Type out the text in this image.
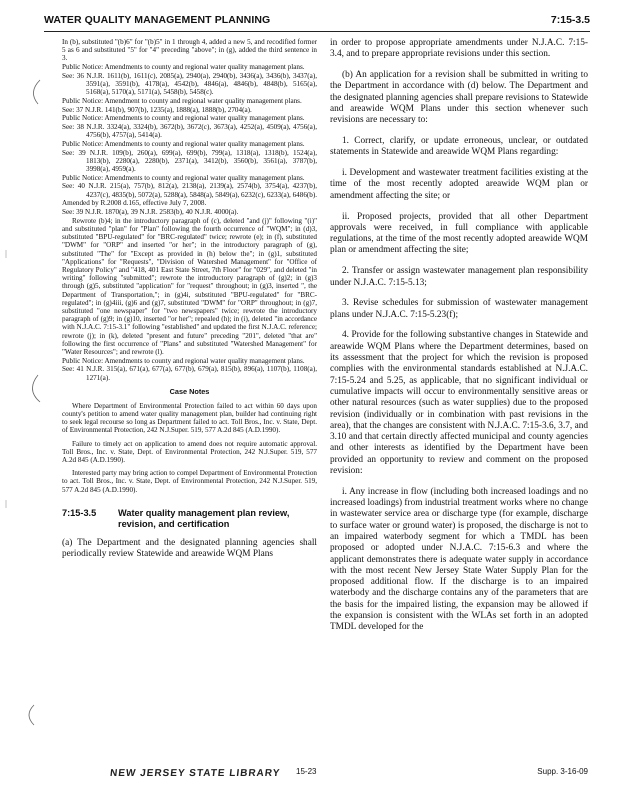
WATER QUALITY MANAGEMENT PLANNING	7:15-3.5

In (b), substituted "(b)6" for "(b)5" in 1 through 4, added a new 5, and recodified former 5 as 6 and substituted "5" for "4" preceding "above"; in (g), added the third sentence in 3.

Public Notice: Amendments to county and regional water quality management plans.

See: 36 N.J.R. 1611(b), 1611(c), 2085(a), 2940(a), 2940(b), 3436(a), 3436(b), 3437(a), 3591(a), 3591(b), 4178(a), 4542(b), 4846(a), 4846(b), 4848(b), 5165(a), 5168(a), 5170(a), 5171(a), 5458(b), 5458(c).

Public Notice: Amendment to county and regional water quality management plans.

See: 37 N.J.R. 141(b), 907(b), 1235(a), 1888(a), 1888(b), 2704(a).

Public Notice: Amendments to county and regional water quality management plans.

See: 38 N.J.R. 3324(a), 3324(b), 3672(b), 3672(c), 3673(a), 4252(a), 4509(a), 4756(a), 4756(b), 4757(a), 5414(a).

Public Notice: Amendments to county and regional water quality management plans.

See: 39 N.J.R. 109(b), 260(a), 699(a), 699(b), 799(a), 1318(a), 1318(b), 1524(a), 1813(b), 2280(a), 2280(b), 2371(a), 3412(b), 3560(b), 3561(a), 3787(b), 3998(a), 4959(a).

Public Notice: Amendments to county and regional water quality management plans.

See: 40 N.J.R. 215(a), 757(b), 812(a), 2138(a), 2139(a), 2574(b), 3754(a), 4237(b), 4237(c), 4835(b), 5072(a), 5288(a), 5848(a), 5849(a), 6232(c), 6233(a), 6486(b).

Amended by R.2008 d.165, effective July 7, 2008.

See: 39 N.J.R. 1870(a), 39 N.J.R. 2583(b), 40 N.J.R. 4000(a).

Rewrote (b)4; in the introductory paragraph of (c), deleted "and (j)" following "(i)" and substituted "plan" for "Plan" following the fourth occurrence of "WQM"; in (d)3, substituted "BPU-regulated" for "BRC-regulated" twice; rewrote (e); in (f), substituted "DWM" for "ORP" and inserted "or her"; in the introductory paragraph of (g), substituted "The" for "Except as provided in (h) below the"; in (g)1, substituted "Applications" for "Requests", "Division of Watershed Management" for "Office of Regulatory Policy" and "418, 401 East State Street, 7th Floor" for "029", and deleted "in writing" following "submitted"; rewrote the introductory paragraph of (g)2; in (g)3 through (g)5, substituted "application" for "request" throughout; in (g)3, inserted ", the Department of Transportation,"; in (g)4i, substituted "BPU-regulated" for "BRC-regulated"; in (g)4iii, (g)6 and (g)7, substituted "DWM" for "ORP" throughout; in (g)7, substituted "one newspaper" for "two newspapers" twice; rewrote the introductory paragraph of (g)9; in (g)10, inserted "or her"; repealed (h); in (i), deleted "in accordance with N.J.A.C. 7:15-3.1" following "established" and updated the first N.J.A.C. reference; rewrote (j); in (k), deleted "present and future" preceding "201", deleted "that are" following the first occurrence of "Plans" and substituted "Watershed Management" for "Water Resources"; and rewrote (l).

Public Notice: Amendments to county and regional water quality management plans.

See: 41 N.J.R. 315(a), 671(a), 677(a), 677(b), 679(a), 815(b), 896(a), 1107(b), 1108(a), 1271(a).

Case Notes

Where Department of Environmental Protection failed to act within 60 days upon county's petition to amend water quality management plan, builder had continuing right to seek legal recourse so long as Department failed to act. Toll Bros., Inc. v. State, Dept. of Environmental Protection, 242 N.J.Super. 519, 577 A.2d 845 (A.D.1990).

Failure to timely act on application to amend does not require automatic approval. Toll Bros., Inc. v. State, Dept. of Environmental Protection, 242 N.J.Super. 519, 577 A.2d 845 (A.D.1990).

Interested party may bring action to compel Department of Environmental Protection to act. Toll Bros., Inc. v. State, Dept. of Environmental Protection, 242 N.J.Super. 519, 577 A.2d 845 (A.D.1990).

7:15-3.5	Water quality management plan review, revision, and certification

(a) The Department and the designated planning agencies shall periodically review Statewide and areawide WQM Plans

in order to propose appropriate amendments under N.J.A.C. 7:15-3.4, and to prepare appropriate revisions under this section.

(b) An application for a revision shall be submitted in writing to the Department in accordance with (d) below. The Department and the designated planning agencies shall prepare revisions to Statewide and areawide WQM Plans under this section whenever such revisions are necessary to:

1. Correct, clarify, or update erroneous, unclear, or outdated statements in Statewide and areawide WQM Plans regarding:

i. Development and wastewater treatment facilities existing at the time of the most recently adopted areawide WQM plan or amendment affecting the site; or

ii. Proposed projects, provided that all other Department approvals were received, in full compliance with applicable regulations, at the time of the most recently adopted areawide WQM plan or amendment affecting the site;

2. Transfer or assign wastewater management plan responsibility under N.J.A.C. 7:15-5.13;

3. Revise schedules for submission of wastewater management plans under N.J.A.C. 7:15-5.23(f);

4. Provide for the following substantive changes in Statewide and areawide WQM Plans where the Department determines, based on its assessment that the project for which the revision is proposed complies with the environmental standards established at N.J.A.C. 7:15-5.24 and 5.25, as applicable, that no significant individual or cumulative impacts will occur to environmentally sensitive areas or other natural resources (such as water supplies) due to the proposed revision (individually or in combination with past revisions in the area), that the changes are consistent with N.J.A.C. 7:15-3.6, 3.7, and 3.10 and that certain directly affected municipal and county agencies and other interests as identified by the Department have been provided an opportunity to review and comment on the proposed revision:

i. Any increase in flow (including both increased loadings and no increased loadings) from industrial treatment works where no change in wastewater service area or discharge type (for example, discharge to surface water or ground water) is proposed, the discharge is not to an impaired waterbody segment for which a TMDL has been proposed or adopted under N.J.A.C. 7:15-6.3 and where the applicant demonstrates there is adequate water supply in accordance with the most recent New Jersey State Water Supply Plan for the proposed additional flow. If the discharge is to an impaired waterbody and the discharge contains any of the parameters that are the basis for the impaired listing, the expansion may be allowed if the expansion is consistent with the WLAs set forth in an adopted TMDL developed for the

NEW JERSEY STATE LIBRARY 15-23	Supp. 3-16-09
